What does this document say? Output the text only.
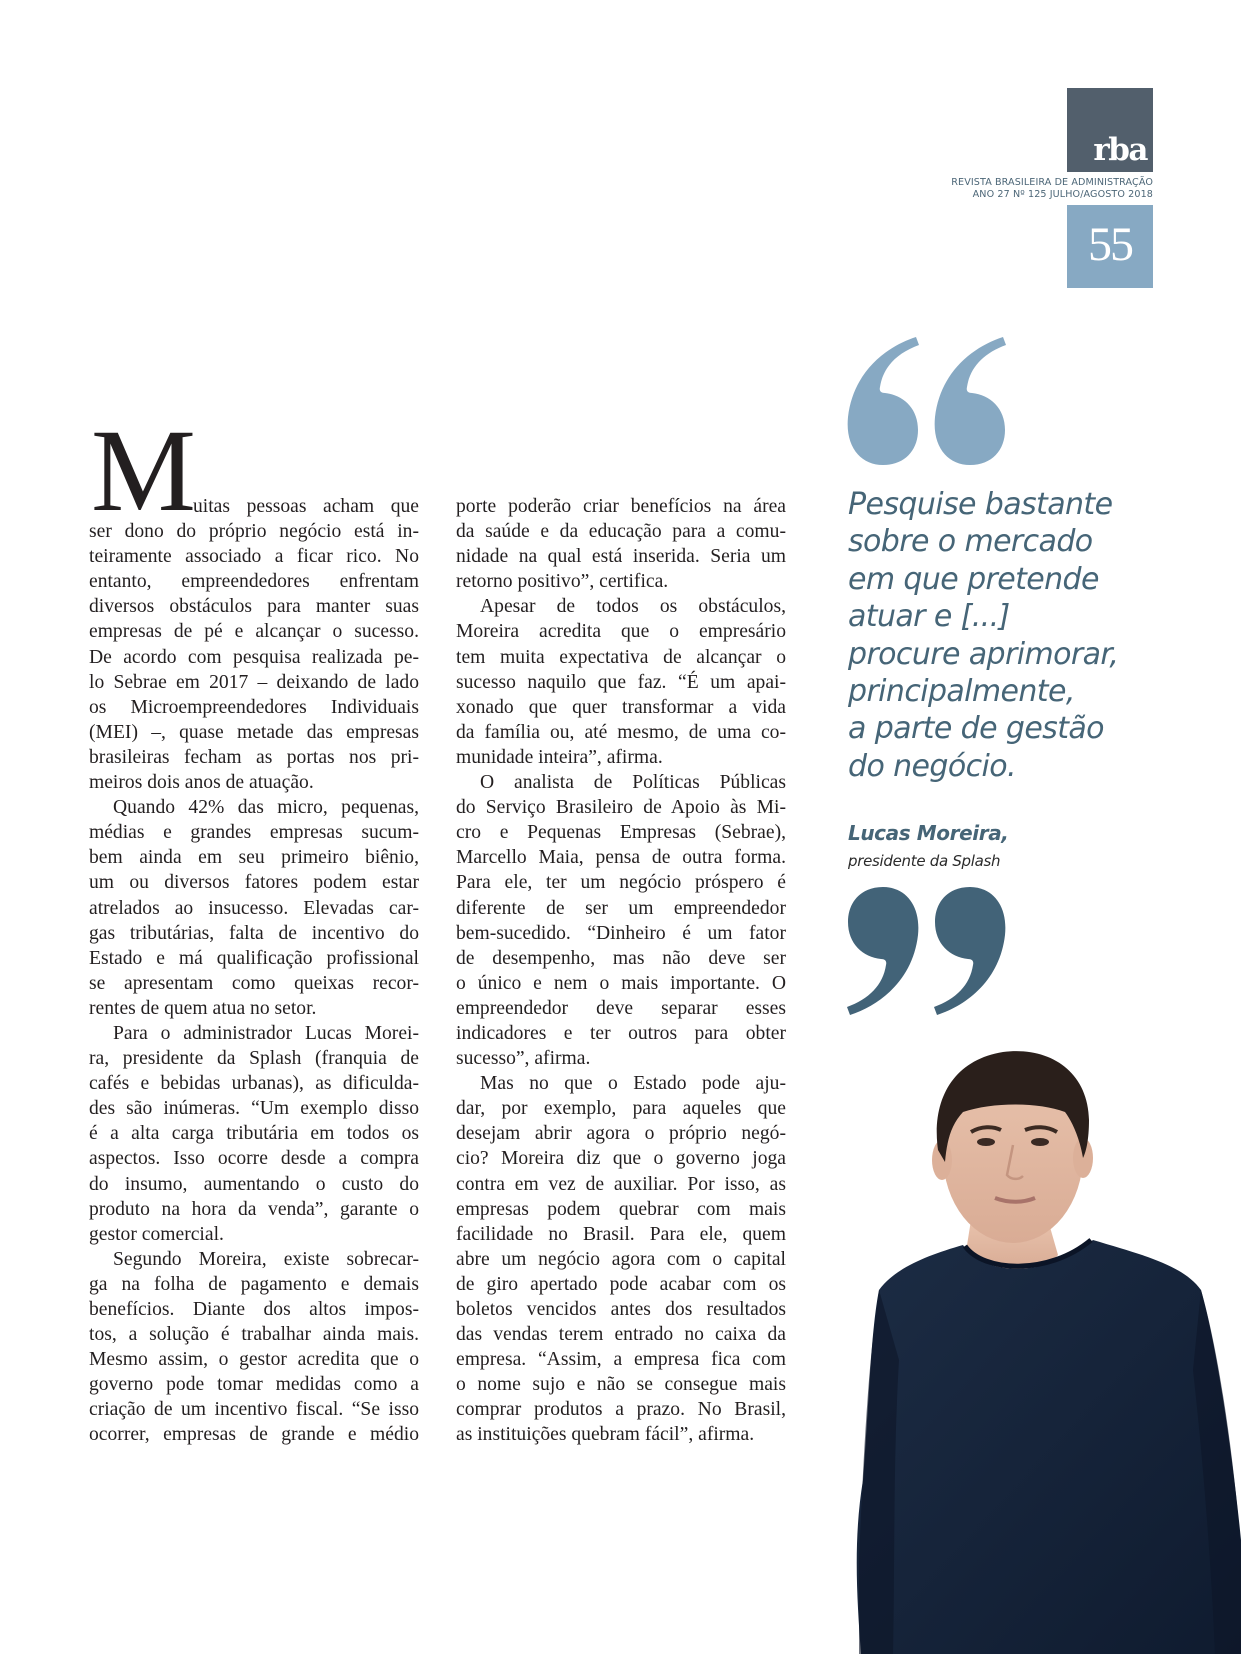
rba
REVISTA BRASILEIRA DE ADMINISTRAÇÃO
ANO 27 Nº 125 JULHO/AGOSTO 2018
55
M
uitas pessoas acham que
ser dono do próprio negócio está in-
teiramente associado a ficar rico. No
entanto, empreendedores enfrentam
diversos obstáculos para manter suas
empresas de pé e alcançar o sucesso.
De acordo com pesquisa realizada pe-
lo Sebrae em 2017 – deixando de lado
os Microempreendedores Individuais
(MEI) –, quase metade das empresas
brasileiras fecham as portas nos pri-
meiros dois anos de atuação.
Quando 42% das micro, pequenas,
médias e grandes empresas sucum-
bem ainda em seu primeiro biênio,
um ou diversos fatores podem estar
atrelados ao insucesso. Elevadas car-
gas tributárias, falta de incentivo do
Estado e má qualificação profissional
se apresentam como queixas recor-
rentes de quem atua no setor.
Para o administrador Lucas Morei-
ra, presidente da Splash (franquia de
cafés e bebidas urbanas), as dificulda-
des são inúmeras. “Um exemplo disso
é a alta carga tributária em todos os
aspectos. Isso ocorre desde a compra
do insumo, aumentando o custo do
produto na hora da venda”, garante o
gestor comercial.
Segundo Moreira, existe sobrecar-
ga na folha de pagamento e demais
benefícios. Diante dos altos impos-
tos, a solução é trabalhar ainda mais.
Mesmo assim, o gestor acredita que o
governo pode tomar medidas como a
criação de um incentivo fiscal. “Se isso
ocorrer, empresas de grande e médio
porte poderão criar benefícios na área
da saúde e da educação para a comu-
nidade na qual está inserida. Seria um
retorno positivo”, certifica.
Apesar de todos os obstáculos,
Moreira acredita que o empresário
tem muita expectativa de alcançar o
sucesso naquilo que faz. “É um apai-
xonado que quer transformar a vida
da família ou, até mesmo, de uma co-
munidade inteira”, afirma.
O analista de Políticas Públicas
do Serviço Brasileiro de Apoio às Mi-
cro e Pequenas Empresas (Sebrae),
Marcello Maia, pensa de outra forma.
Para ele, ter um negócio próspero é
diferente de ser um empreendedor
bem-sucedido. “Dinheiro é um fator
de desempenho, mas não deve ser
o único e nem o mais importante. O
empreendedor deve separar esses
indicadores e ter outros para obter
sucesso”, afirma.
Mas no que o Estado pode aju-
dar, por exemplo, para aqueles que
desejam abrir agora o próprio negó-
cio? Moreira diz que o governo joga
contra em vez de auxiliar. Por isso, as
empresas podem quebrar com mais
facilidade no Brasil. Para ele, quem
abre um negócio agora com o capital
de giro apertado pode acabar com os
boletos vencidos antes dos resultados
das vendas terem entrado no caixa da
empresa. “Assim, a empresa fica com
o nome sujo e não se consegue mais
comprar produtos a prazo. No Brasil,
as instituições quebram fácil”, afirma.
Pesquise bastante
sobre o mercado
em que pretende
atuar e [...]
procure aprimorar,
principalmente,
a parte de gestão
do negócio.
Lucas Moreira,
presidente da Splash
